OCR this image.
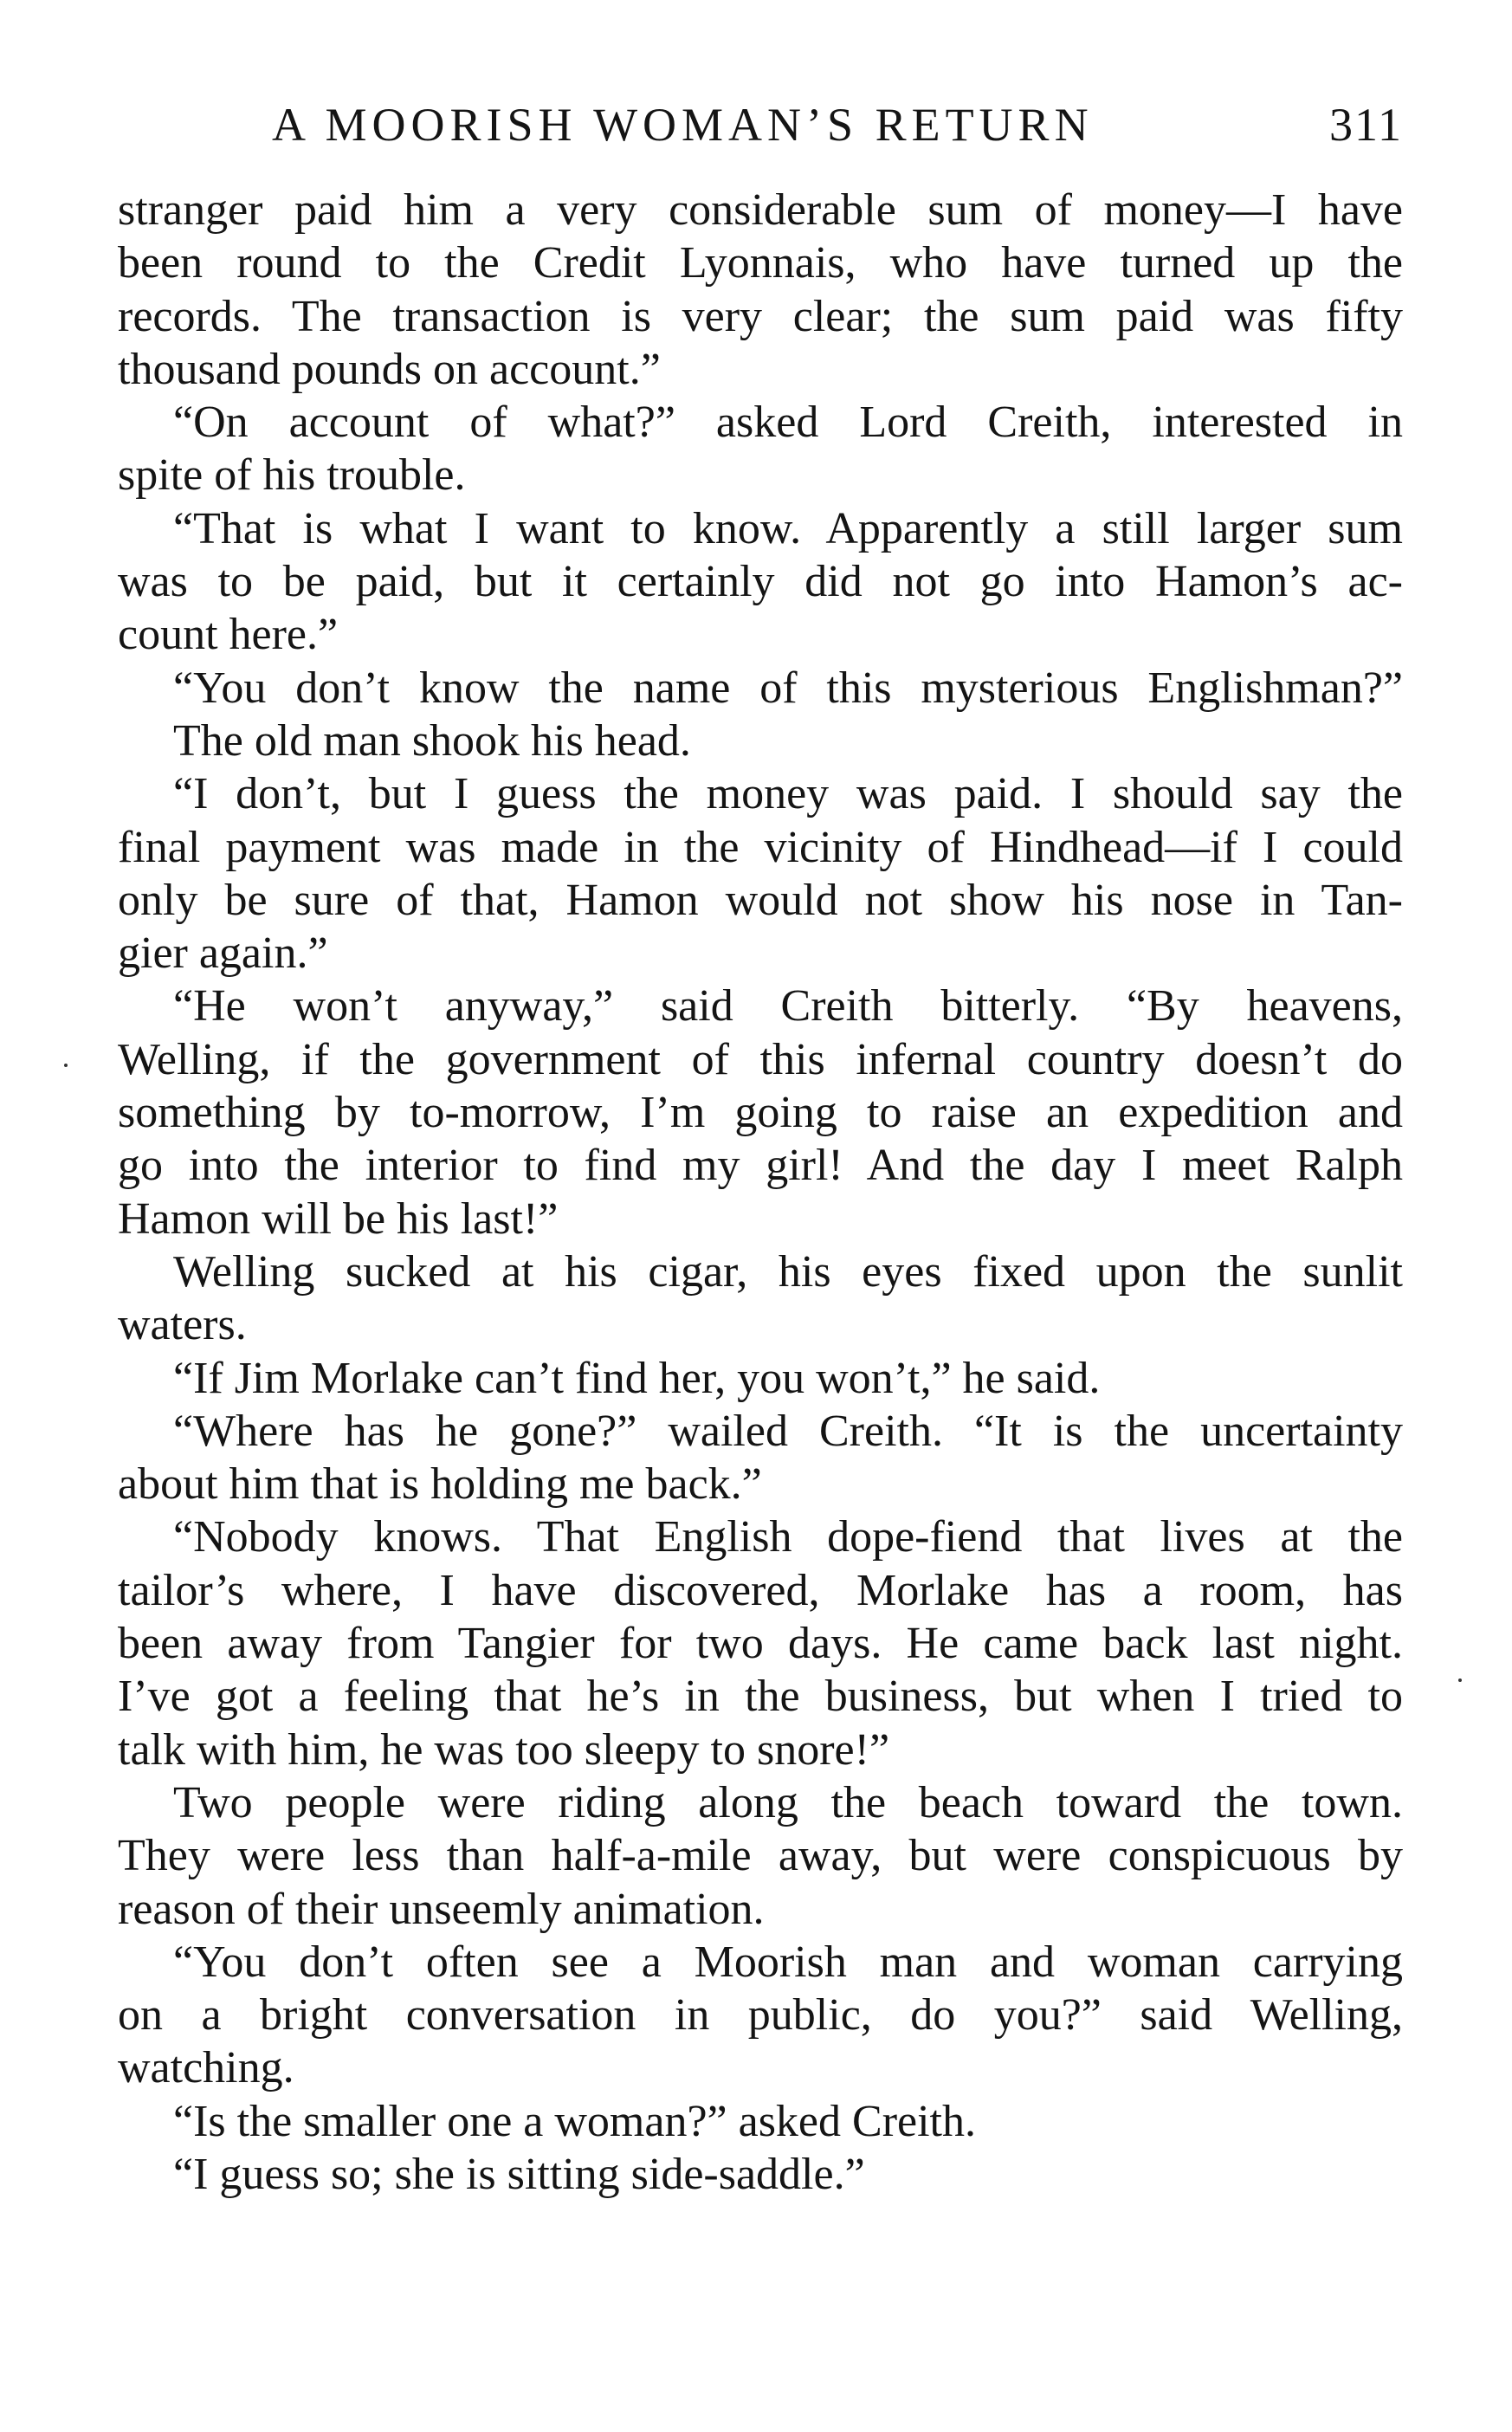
A MOORISH WOMAN’S RETURN	311
stranger paid him a very considerable sum of money—I have
been round to the Credit Lyonnais, who have turned up the
records. The transaction is very clear; the sum paid was fifty
thousand pounds on account.”
“On account of what?” asked Lord Creith, interested in
spite of his trouble.
“That is what I want to know. Apparently a still larger sum
was to be paid, but it certainly did not go into Hamon’s ac-
count here.”
“You don’t know the name of this mysterious Englishman?”
The old man shook his head.
“I don’t, but I guess the money was paid. I should say the
final payment was made in the vicinity of Hindhead—if I could
only be sure of that, Hamon would not show his nose in Tan-
gier again.”
“He won’t anyway,” said Creith bitterly. “By heavens,
Welling, if the government of this infernal country doesn’t do
something by to-morrow, I’m going to raise an expedition and
go into the interior to find my girl! And the day I meet Ralph
Hamon will be his last!”
Welling sucked at his cigar, his eyes fixed upon the sunlit
waters.
“If Jim Morlake can’t find her, you won’t,” he said.
“Where has he gone?” wailed Creith. “It is the uncertainty
about him that is holding me back.”
“Nobody knows. That English dope-fiend that lives at the
tailor’s where, I have discovered, Morlake has a room, has
been away from Tangier for two days. He came back last night.
I’ve got a feeling that he’s in the business, but when I tried to
talk with him, he was too sleepy to snore!”
Two people were riding along the beach toward the town.
They were less than half-a-mile away, but were conspicuous by
reason of their unseemly animation.
“You don’t often see a Moorish man and woman carrying
on a bright conversation in public, do you?” said Welling,
watching.
“Is the smaller one a woman?” asked Creith.
“I guess so; she is sitting side-saddle.”
